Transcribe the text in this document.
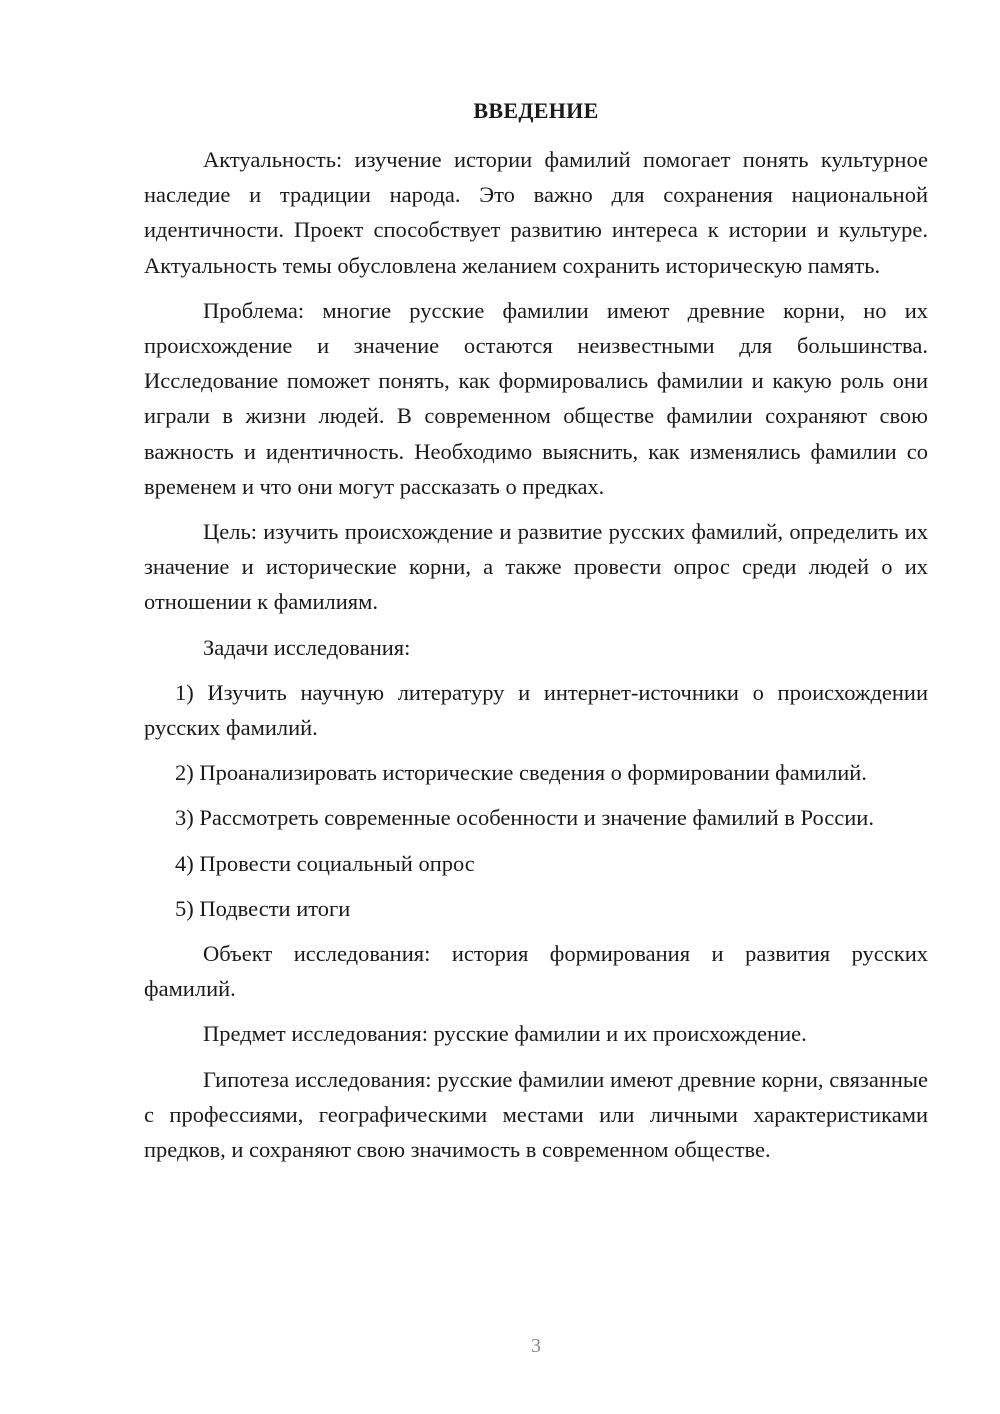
ВВЕДЕНИЕ

Актуальность: изучение истории фамилий помогает понять культурное наследие и традиции народа. Это важно для сохранения национальной идентичности. Проект способствует развитию интереса к истории и культуре. Актуальность темы обусловлена желанием сохранить историческую память.

Проблема: многие русские фамилии имеют древние корни, но их происхождение и значение остаются неизвестными для большинства. Исследование поможет понять, как формировались фамилии и какую роль они играли в жизни людей. В современном обществе фамилии сохраняют свою важность и идентичность. Необходимо выяснить, как изменялись фамилии со временем и что они могут рассказать о предках.

Цель: изучить происхождение и развитие русских фамилий, определить их значение и исторические корни, а также провести опрос среди людей о их отношении к фамилиям.

Задачи исследования:

1) Изучить научную литературу и интернет-источники о происхождении русских фамилий.

2) Проанализировать исторические сведения о формировании фамилий.

3) Рассмотреть современные особенности и значение фамилий в России.

4) Провести социальный опрос

5) Подвести итоги

Объект исследования: история формирования и развития русских фамилий.

Предмет исследования: русские фамилии и их происхождение.

Гипотеза исследования: русские фамилии имеют древние корни, связанные с профессиями, географическими местами или личными характеристиками предков, и сохраняют свою значимость в современном обществе.

3
